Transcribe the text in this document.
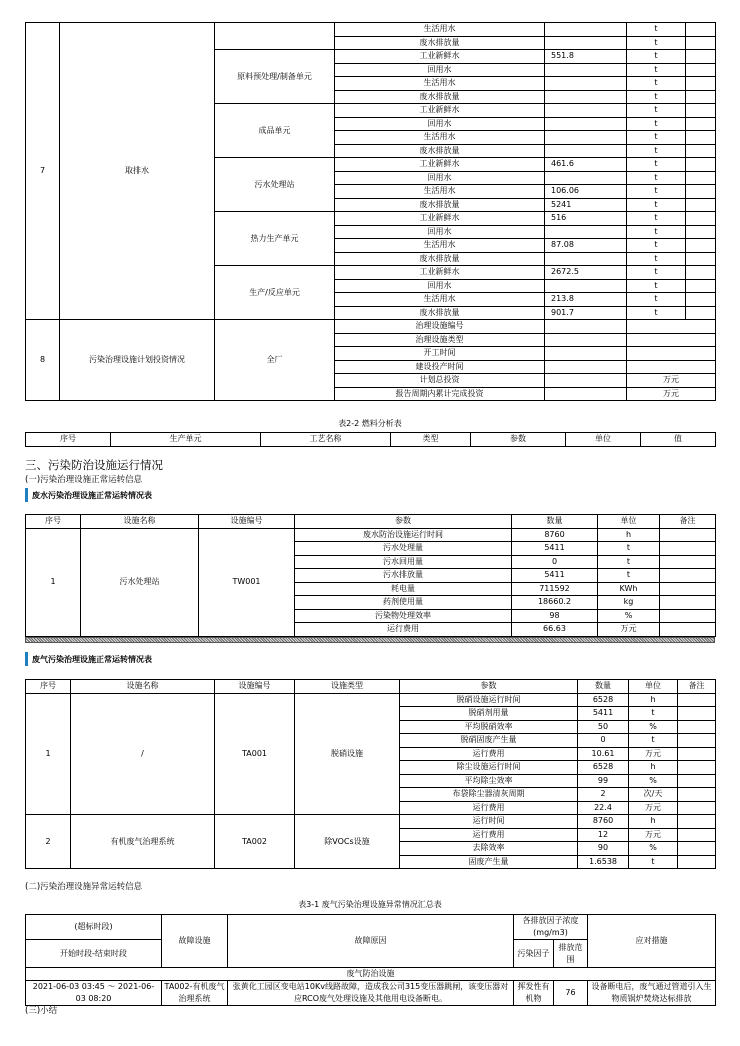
7	取排水		生活用水		t	
			废水排放量		t	
		原料预处理/制备单元	工业新鲜水	551.8	t	
			回用水		t	
			生活用水		t	
			废水排放量		t	
		成品单元	工业新鲜水		t	
			回用水		t	
			生活用水		t	
			废水排放量		t	
		污水处理站	工业新鲜水	461.6	t	
			回用水		t	
			生活用水	106.06	t	
			废水排放量	5241	t	
		热力生产单元	工业新鲜水	516	t	
			回用水		t	
			生活用水	87.08	t	
			废水排放量		t	
		生产/反应单元	工业新鲜水	2672.5	t	
			回用水		t	
			生活用水	213.8	t	
			废水排放量	901.7	t	
8	污染治理设施计划投资情况	全厂	治理设施编号			
			治理设施类型			
			开工时间			
			建设投产时间			
			计划总投资		万元	
			报告周期内累计完成投资		万元	
表2-2 燃料分析表
序号	生产单元	工艺名称	类型	参数	单位	值
三、污染防治设施运行情况
(一)污染治理设施正常运转信息
废水污染治理设施正常运转情况表
序号	设施名称	设施编号	参数	数量	单位	备注
1	污水处理站	TW001	废水防治设施运行时间	8760	h	
			污水处理量	5411	t	
			污水回用量	0	t	
			污水排放量	5411	t	
			耗电量	711592	KWh	
			药剂使用量	18660.2	kg	
			污染物处理效率	98	%	
			运行费用	66.63	万元	
废气污染治理设施正常运转情况表
序号	设施名称	设施编号	设施类型	参数	数量	单位	备注
1	/	TA001	脱硝设施	脱硝设施运行时间	6528	h	
				脱硝剂用量	5411	t	
				平均脱硝效率	50	%	
				脱硝固废产生量	0	t	
				运行费用	10.61	万元	
				除尘设施运行时间	6528	h	
				平均除尘效率	99	%	
				布袋除尘器清灰周期	2	次/天	
				运行费用	22.4	万元	
2	有机废气治理系统	TA002	除VOCs设施	运行时间	8760	h	
				运行费用	12	万元	
				去除效率	90	%	
				固废产生量	1.6538	t	
(二)污染治理设施异常运转信息
表3-1 废气污染治理设施异常情况汇总表
(超标时段)	故障设施	故障原因	各排放因子浓度(mg/m3)		应对措施
开始时段-结束时段			污染因子	排放范围	
废气防治设施					
2021-06-03 03:45 ～ 2021-06-03 08:20	TA002-有机废气治理系统	张黄化工园区变电站10Kv线路故障，造成我公司315变压器跳闸，该变压器对应RCO废气处理设施及其他用电设备断电。	挥发性有机物	76	设备断电后，废气通过管道引入生物质锅炉焚烧达标排放
(三)小结
